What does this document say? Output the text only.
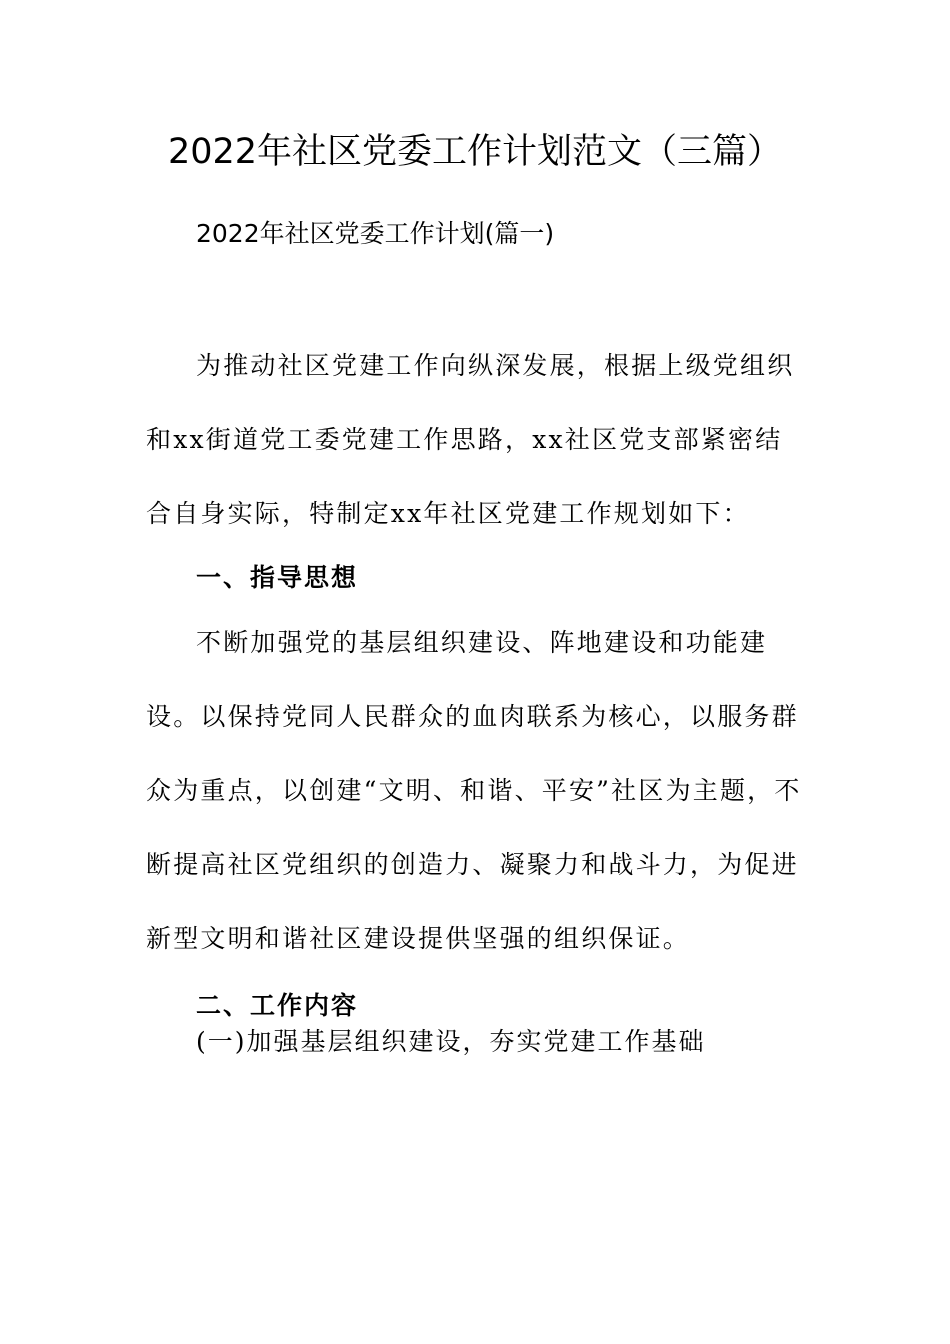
2022年社区党委工作计划范文（三篇）

2022年社区党委工作计划(篇一)

为推动社区党建工作向纵深发展，根据上级党组织和xx街道党工委党建工作思路，xx社区党支部紧密结合自身实际，特制定xx年社区党建工作规划如下：

一、指导思想

不断加强党的基层组织建设、阵地建设和功能建设。以保持党同人民群众的血肉联系为核心，以服务群众为重点，以创建“文明、和谐、平安”社区为主题，不断提高社区党组织的创造力、凝聚力和战斗力，为促进新型文明和谐社区建设提供坚强的组织保证。

二、工作内容

(一)加强基层组织建设，夯实党建工作基础
